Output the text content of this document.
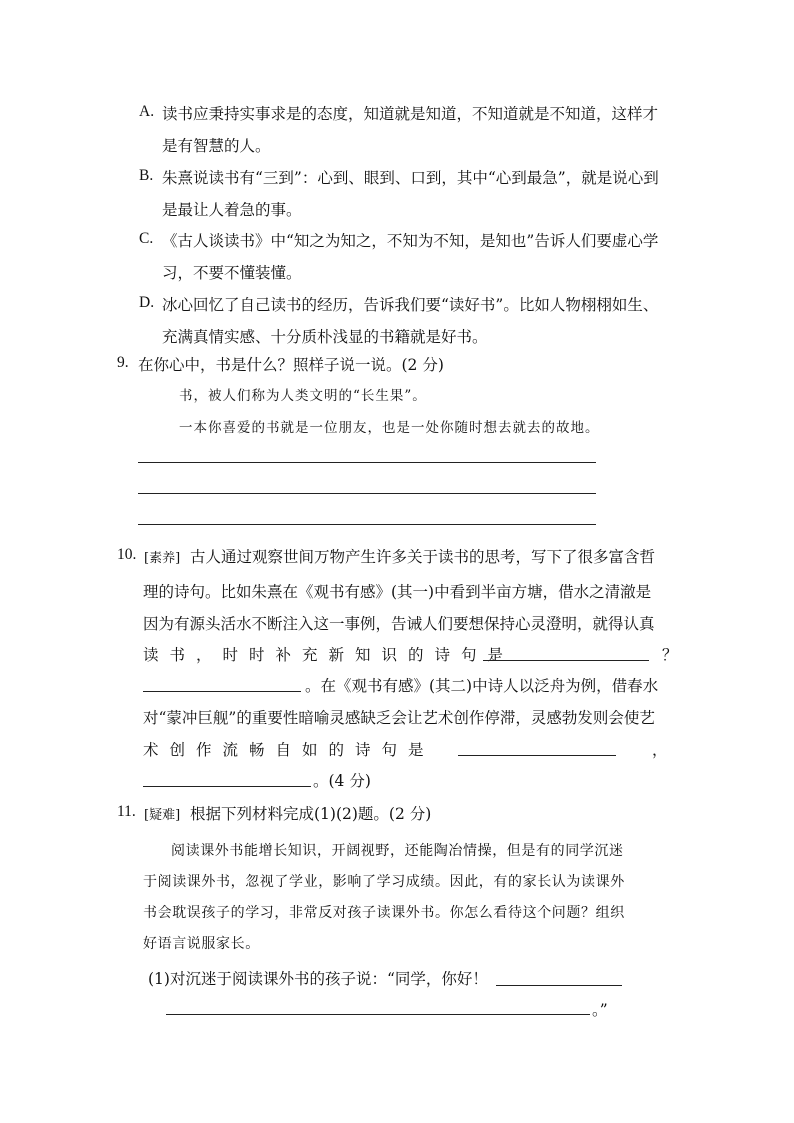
A. 读书应秉持实事求是的态度，知道就是知道，不知道就是不知道，这样才
是有智慧的人。
B. 朱熹说读书有“三到”：心到、眼到、口到，其中“心到最急”，就是说心到
是最让人着急的事。
C. 《古人谈读书》中“知之为知之，不知为不知，是知也”告诉人们要虚心学
习，不要不懂装懂。
D. 冰心回忆了自己读书的经历，告诉我们要“读好书”。比如人物栩栩如生、
充满真情实感、十分质朴浅显的书籍就是好书。
9. 在你心中，书是什么？照样子说一说。(2 分)
书，被人们称为人类文明的“长生果”。
一本你喜爱的书就是一位朋友，也是一处你随时想去就去的故地。
10. [素养] 古人通过观察世间万物产生许多关于读书的思考，写下了很多富含哲
理的诗句。比如朱熹在《观书有感》(其一)中看到半亩方塘，借水之清澈是
因为有源头活水不断注入这一事例，告诫人们要想保持心灵澄明，就得认真
读书，时时补充新知识的诗句是	？
。在《观书有感》(其二)中诗人以泛舟为例，借春水
对“蒙冲巨舰”的重要性暗喻灵感缺乏会让艺术创作停滞，灵感勃发则会使艺
术创作流畅自如的诗句是	，
。(4 分)
11. [疑难] 根据下列材料完成(1)(2)题。(2 分)
阅读课外书能增长知识，开阔视野，还能陶冶情操，但是有的同学沉迷
于阅读课外书，忽视了学业，影响了学习成绩。因此，有的家长认为读课外
书会耽误孩子的学习，非常反对孩子读课外书。你怎么看待这个问题？组织
好语言说服家长。
(1)对沉迷于阅读课外书的孩子说：“同学，你好！
。”
